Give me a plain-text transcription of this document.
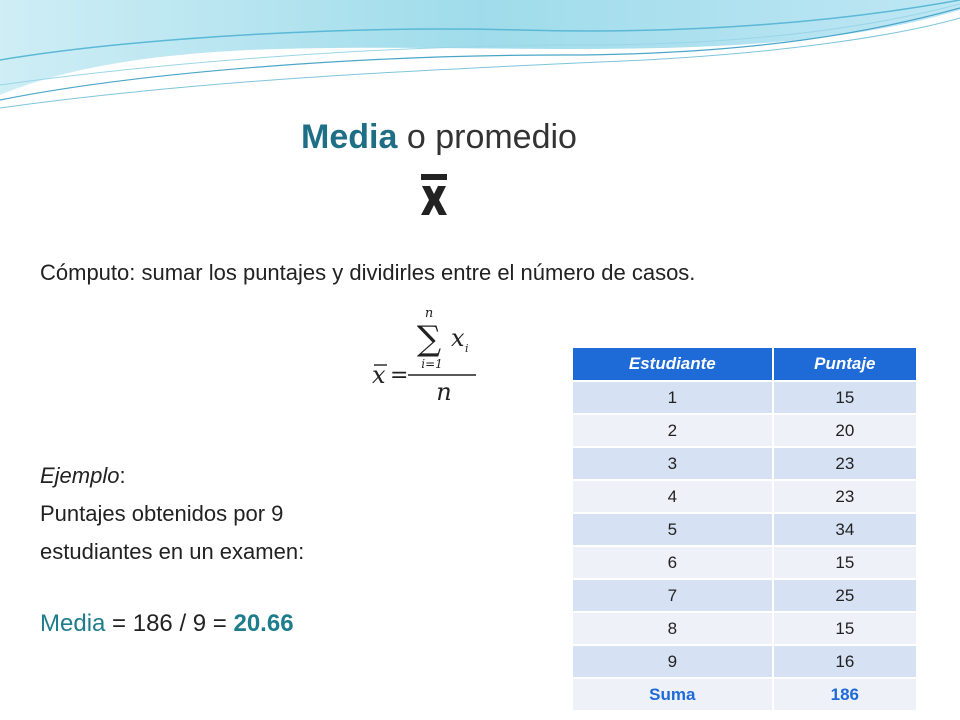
Media o promedio
Cómputo: sumar los puntajes y dividirles entre el número de casos.
n
∑
i=1
x i
n
x =
Ejemplo:
Puntajes obtenidos por 9
estudiantes en un examen:
Media = 186 / 9 = 20.66
Estudiante	Puntaje
1	15
2	20
3	23
4	23
5	34
6	15
7	25
8	15
9	16
Suma	186
